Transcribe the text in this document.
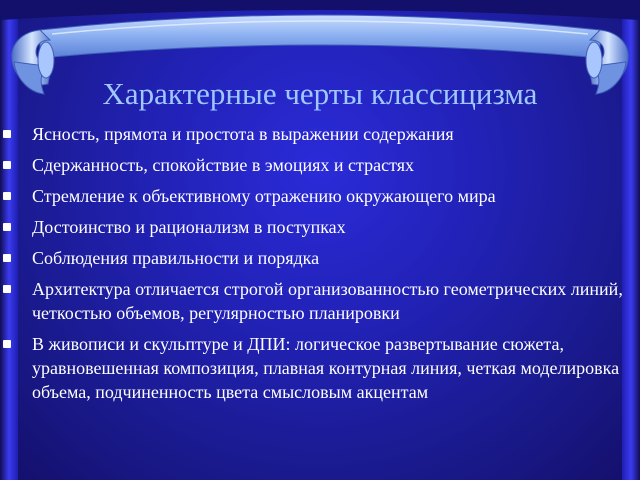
Характерные черты классицизма
Ясность, прямота и простота в выражении содержания
Сдержанность, спокойствие в эмоциях и страстях
Стремление к объективному отражению окружающего мира
Достоинство и рационализм в поступках
Соблюдения правильности и порядка
Архитектура отличается строгой организованностью геометрических линий, четкостью объемов, регулярностью планировки
В живописи и скульптуре и ДПИ: логическое развертывание сюжета, уравновешенная композиция, плавная контурная линия, четкая моделировка объема, подчиненность цвета смысловым акцентам
